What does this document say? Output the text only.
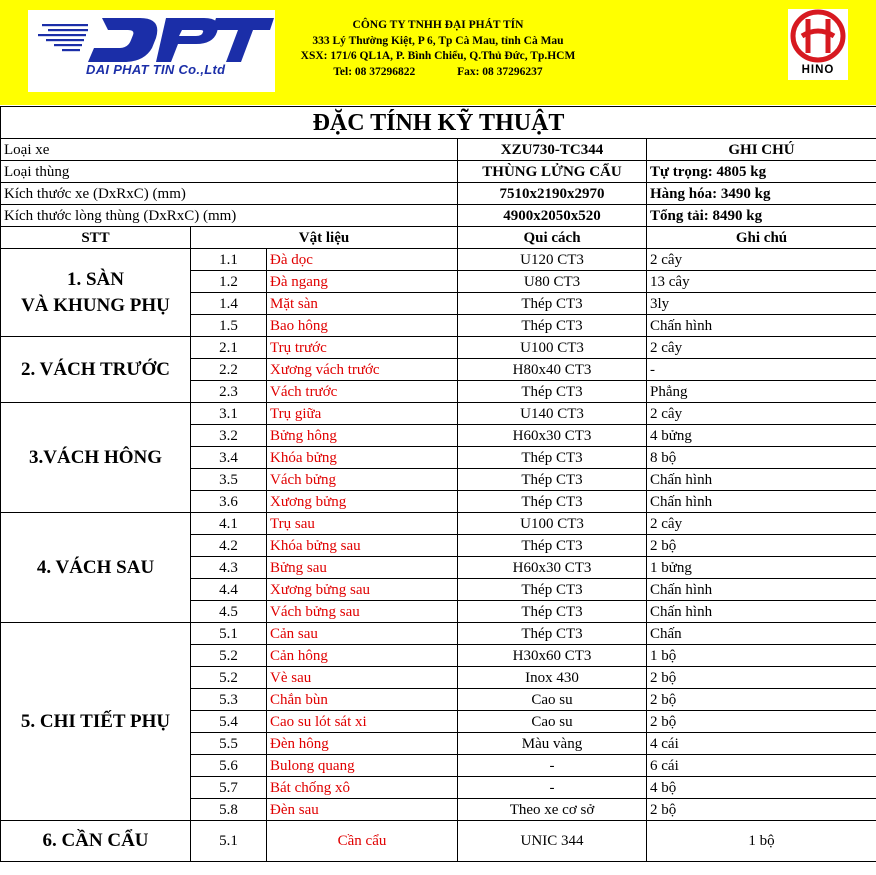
DAI PHAT TIN Co.,Ltd
CÔNG TY TNHH ĐẠI PHÁT TÍN
333 Lý Thường Kiệt, P 6, Tp Cà Mau, tỉnh Cà Mau
XSX: 171/6 QL1A, P. Bình Chiểu, Q.Thủ Đức, Tp.HCM
Tel: 08 37296822	Fax: 08 37296237	HINO
ĐẶC TÍNH KỸ THUẬT				
Loại xe			XZU730-TC344	GHI CHÚ
Loại thùng			THÙNG LỬNG CẨU	Tự trọng: 4805 kg
Kích thước xe (DxRxC) (mm)			7510x2190x2970	Hàng hóa: 3490 kg
Kích thước lòng thùng (DxRxC) (mm)			4900x2050x520	Tổng tải: 8490 kg
STT	Vật liệu		Qui cách	Ghi chú
1. SÀN
VÀ KHUNG PHỤ	1.1	Đà dọc	U120 CT3	2 cây
	1.2	Đà ngang	U80 CT3	13 cây
	1.4	Mặt sàn	Thép CT3	3ly
	1.5	Bao hông	Thép CT3	Chấn hình
2. VÁCH TRƯỚC	2.1	Trụ trước	U100 CT3	2 cây
	2.2	Xương vách trước	H80x40 CT3	-
	2.3	Vách trước	Thép CT3	Phẳng
3.VÁCH HÔNG	3.1	Trụ giữa	U140 CT3	2 cây
	3.2	Bửng hông	H60x30 CT3	4 bửng
	3.4	Khóa bửng	Thép CT3	8 bộ
	3.5	Vách bửng	Thép CT3	Chấn hình
	3.6	Xương bửng	Thép CT3	Chấn hình
4. VÁCH SAU	4.1	Trụ sau	U100 CT3	2 cây
	4.2	Khóa bửng sau	Thép CT3	2 bộ
	4.3	Bửng sau	H60x30 CT3	1 bửng
	4.4	Xương bửng sau	Thép CT3	Chấn hình
	4.5	Vách bửng sau	Thép CT3	Chấn hình
5. CHI TIẾT PHỤ	5.1	Cản sau	Thép CT3	Chấn
	5.2	Cản hông	H30x60 CT3	1 bộ
	5.2	Vè sau	Inox 430	2 bộ
	5.3	Chắn bùn	Cao su	2 bộ
	5.4	Cao su lót sát xi	Cao su	2 bộ
	5.5	Đèn hông	Màu vàng	4 cái
	5.6	Bulong quang	-	6 cái
	5.7	Bát chống xô	-	4 bộ
	5.8	Đèn sau	Theo xe cơ sở	2 bộ
6. CẦN CẨU	5.1	Cần cẩu	UNIC 344	1 bộ
